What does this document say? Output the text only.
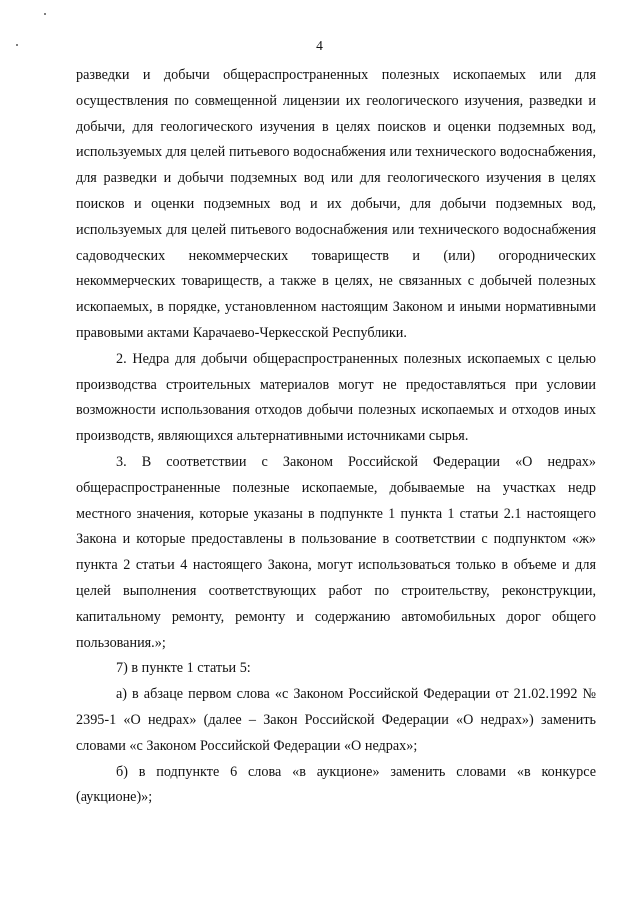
4

разведки и добычи общераспространенных полезных ископаемых или для осуществления по совмещенной лицензии их геологического изучения, разведки и добычи, для геологического изучения в целях поисков и оценки подземных вод, используемых для целей питьевого водоснабжения или технического водоснабжения, для разведки и добычи подземных вод или для геологического изучения в целях поисков и оценки подземных вод и их добычи, для добычи подземных вод, используемых для целей питьевого водоснабжения или технического водоснабжения садоводческих некоммерческих товариществ и (или) огороднических некоммерческих товариществ, а также в целях, не связанных с добычей полезных ископаемых, в порядке, установленном настоящим Законом и иными нормативными правовыми актами Карачаево-Черкесской Республики.

2. Недра для добычи общераспространенных полезных ископаемых с целью производства строительных материалов могут не предоставляться при условии возможности использования отходов добычи полезных ископаемых и отходов иных производств, являющихся альтернативными источниками сырья.

3. В соответствии с Законом Российской Федерации «О недрах» общераспространенные полезные ископаемые, добываемые на участках недр местного значения, которые указаны в подпункте 1 пункта 1 статьи 2.1 настоящего Закона и которые предоставлены в пользование в соответствии с подпунктом «ж» пункта 2 статьи 4 настоящего Закона, могут использоваться только в объеме и для целей выполнения соответствующих работ по строительству, реконструкции, капитальному ремонту, ремонту и содержанию автомобильных дорог общего пользования.»;

7) в пункте 1 статьи 5:

а) в абзаце первом слова «с Законом Российской Федерации от 21.02.1992 № 2395-1 «О недрах» (далее – Закон Российской Федерации «О недрах») заменить словами «с Законом Российской Федерации «О недрах»;

б) в подпункте 6 слова «в аукционе» заменить словами «в конкурсе (аукционе)»;
